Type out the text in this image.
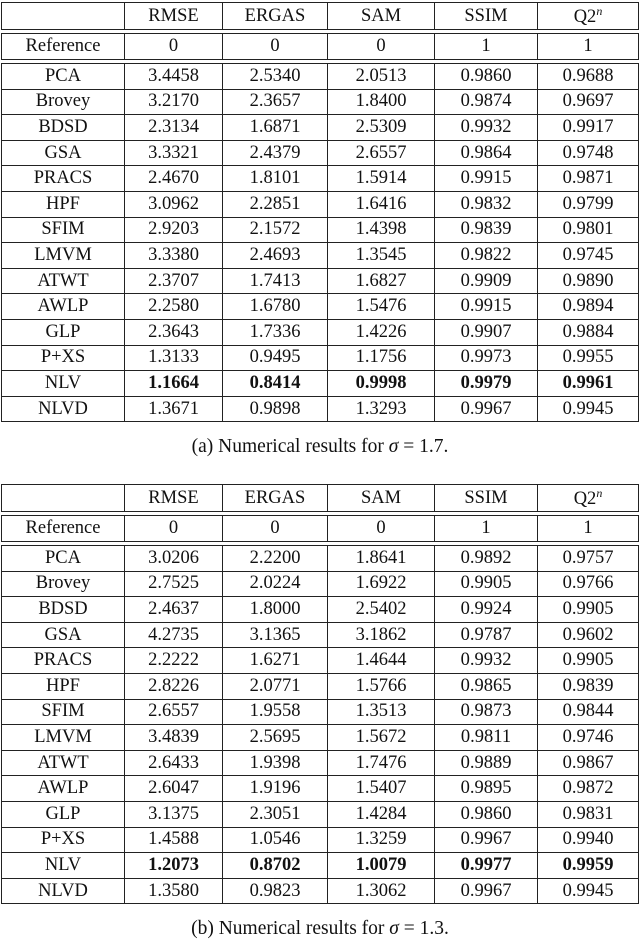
	RMSE	ERGAS	SAM	SSIM	Q2$^n$
Reference	0	0	0	1	1
PCA	3.4458	2.5340	2.0513	0.9860	0.9688
Brovey	3.2170	2.3657	1.8400	0.9874	0.9697
BDSD	2.3134	1.6871	2.5309	0.9932	0.9917
GSA	3.3321	2.4379	2.6557	0.9864	0.9748
PRACS	2.4670	1.8101	1.5914	0.9915	0.9871
HPF	3.0962	2.2851	1.6416	0.9832	0.9799
SFIM	2.9203	2.1572	1.4398	0.9839	0.9801
LMVM	3.3380	2.4693	1.3545	0.9822	0.9745
ATWT	2.3707	1.7413	1.6827	0.9909	0.9890
AWLP	2.2580	1.6780	1.5476	0.9915	0.9894
GLP	2.3643	1.7336	1.4226	0.9907	0.9884
P+XS	1.3133	0.9495	1.1756	0.9973	0.9955
NLV	1.1664	0.8414	0.9998	0.9979	0.9961
NLVD	1.3671	0.9898	1.3293	0.9967	0.9945
(a) Numerical results for σ = 1.7.
	RMSE	ERGAS	SAM	SSIM	Q2$^n$
Reference	0	0	0	1	1
PCA	3.0206	2.2200	1.8641	0.9892	0.9757
Brovey	2.7525	2.0224	1.6922	0.9905	0.9766
BDSD	2.4637	1.8000	2.5402	0.9924	0.9905
GSA	4.2735	3.1365	3.1862	0.9787	0.9602
PRACS	2.2222	1.6271	1.4644	0.9932	0.9905
HPF	2.8226	2.0771	1.5766	0.9865	0.9839
SFIM	2.6557	1.9558	1.3513	0.9873	0.9844
LMVM	3.4839	2.5695	1.5672	0.9811	0.9746
ATWT	2.6433	1.9398	1.7476	0.9889	0.9867
AWLP	2.6047	1.9196	1.5407	0.9895	0.9872
GLP	3.1375	2.3051	1.4284	0.9860	0.9831
P+XS	1.4588	1.0546	1.3259	0.9967	0.9940
NLV	1.2073	0.8702	1.0079	0.9977	0.9959
NLVD	1.3580	0.9823	1.3062	0.9967	0.9945
(b) Numerical results for σ = 1.3.
